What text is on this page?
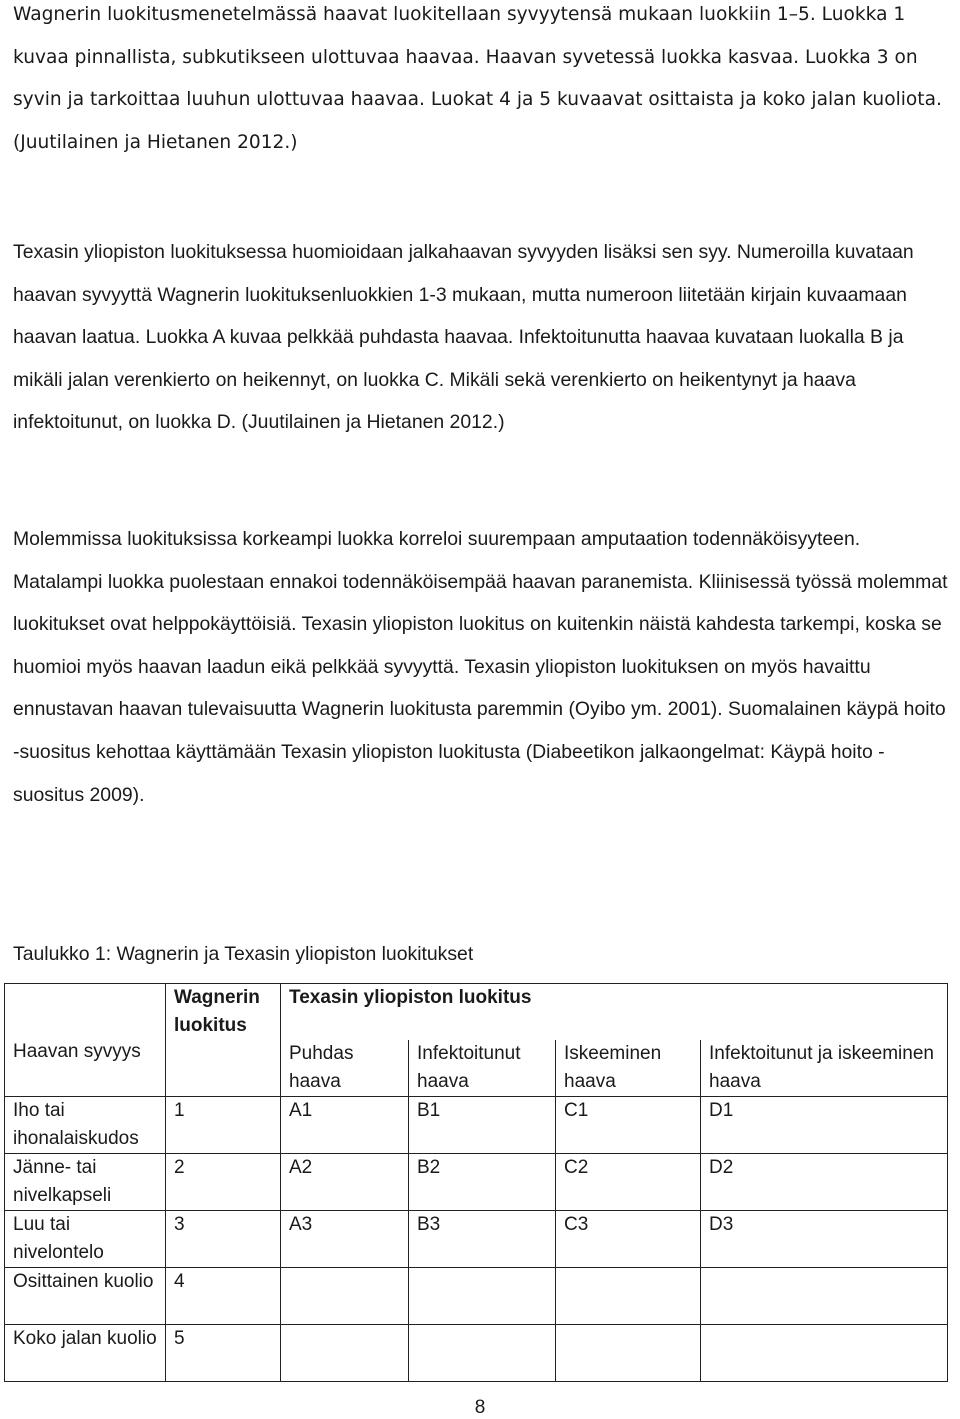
Wagnerin luokitusmenetelmässä haavat luokitellaan syvyytensä mukaan luokkiin 1–5. Luokka 1 kuvaa pinnallista, subkutikseen ulottuvaa haavaa. Haavan syvetessä luokka kasvaa. Luokka 3 on syvin ja tarkoittaa luuhun ulottuvaa haavaa. Luokat 4 ja 5 kuvaavat osittaista ja koko jalan kuoliota. (Juutilainen ja Hietanen 2012.)

Texasin yliopiston luokituksessa huomioidaan jalkahaavan syvyyden lisäksi sen syy. Numeroilla kuvataan haavan syvyyttä Wagnerin luokituksenluokkien 1-3 mukaan, mutta numeroon liitetään kirjain kuvaamaan haavan laatua. Luokka A kuvaa pelkkää puhdasta haavaa. Infektoitunutta haavaa kuvataan luokalla B ja mikäli jalan verenkierto on heikennyt, on luokka C. Mikäli sekä verenkierto on heikentynyt ja haava infektoitunut, on luokka D. (Juutilainen ja Hietanen 2012.)

Molemmissa luokituksissa korkeampi luokka korreloi suurempaan amputaation todennäköisyyteen. Matalampi luokka puolestaan ennakoi todennäköisempää haavan paranemista. Kliinisessä työssä molemmat luokitukset ovat helppokäyttöisiä. Texasin yliopiston luokitus on kuitenkin näistä kahdesta tarkempi, koska se huomioi myös haavan laadun eikä pelkkää syvyyttä. Texasin yliopiston luokituksen on myös havaittu ennustavan haavan tulevaisuutta Wagnerin luokitusta paremmin (Oyibo ym. 2001). Suomalainen käypä hoito -suositus kehottaa käyttämään Texasin yliopiston luokitusta (Diabeetikon jalkaongelmat: Käypä hoito -suositus 2009).

Taulukko 1: Wagnerin ja Texasin yliopiston luokitukset

Haavan syvyys	Wagnerin luokitus	Texasin yliopiston luokitus			
		Puhdas haava	Infektoitunut haava	Iskeeminen haava	Infektoitunut ja iskeeminen haava
Iho tai ihonalaiskudos	1	A1	B1	C1	D1
Jänne- tai nivelkapseli	2	A2	B2	C2	D2
Luu tai nivelontelo	3	A3	B3	C3	D3
Osittainen kuolio	4				
Koko jalan kuolio	5				
8
